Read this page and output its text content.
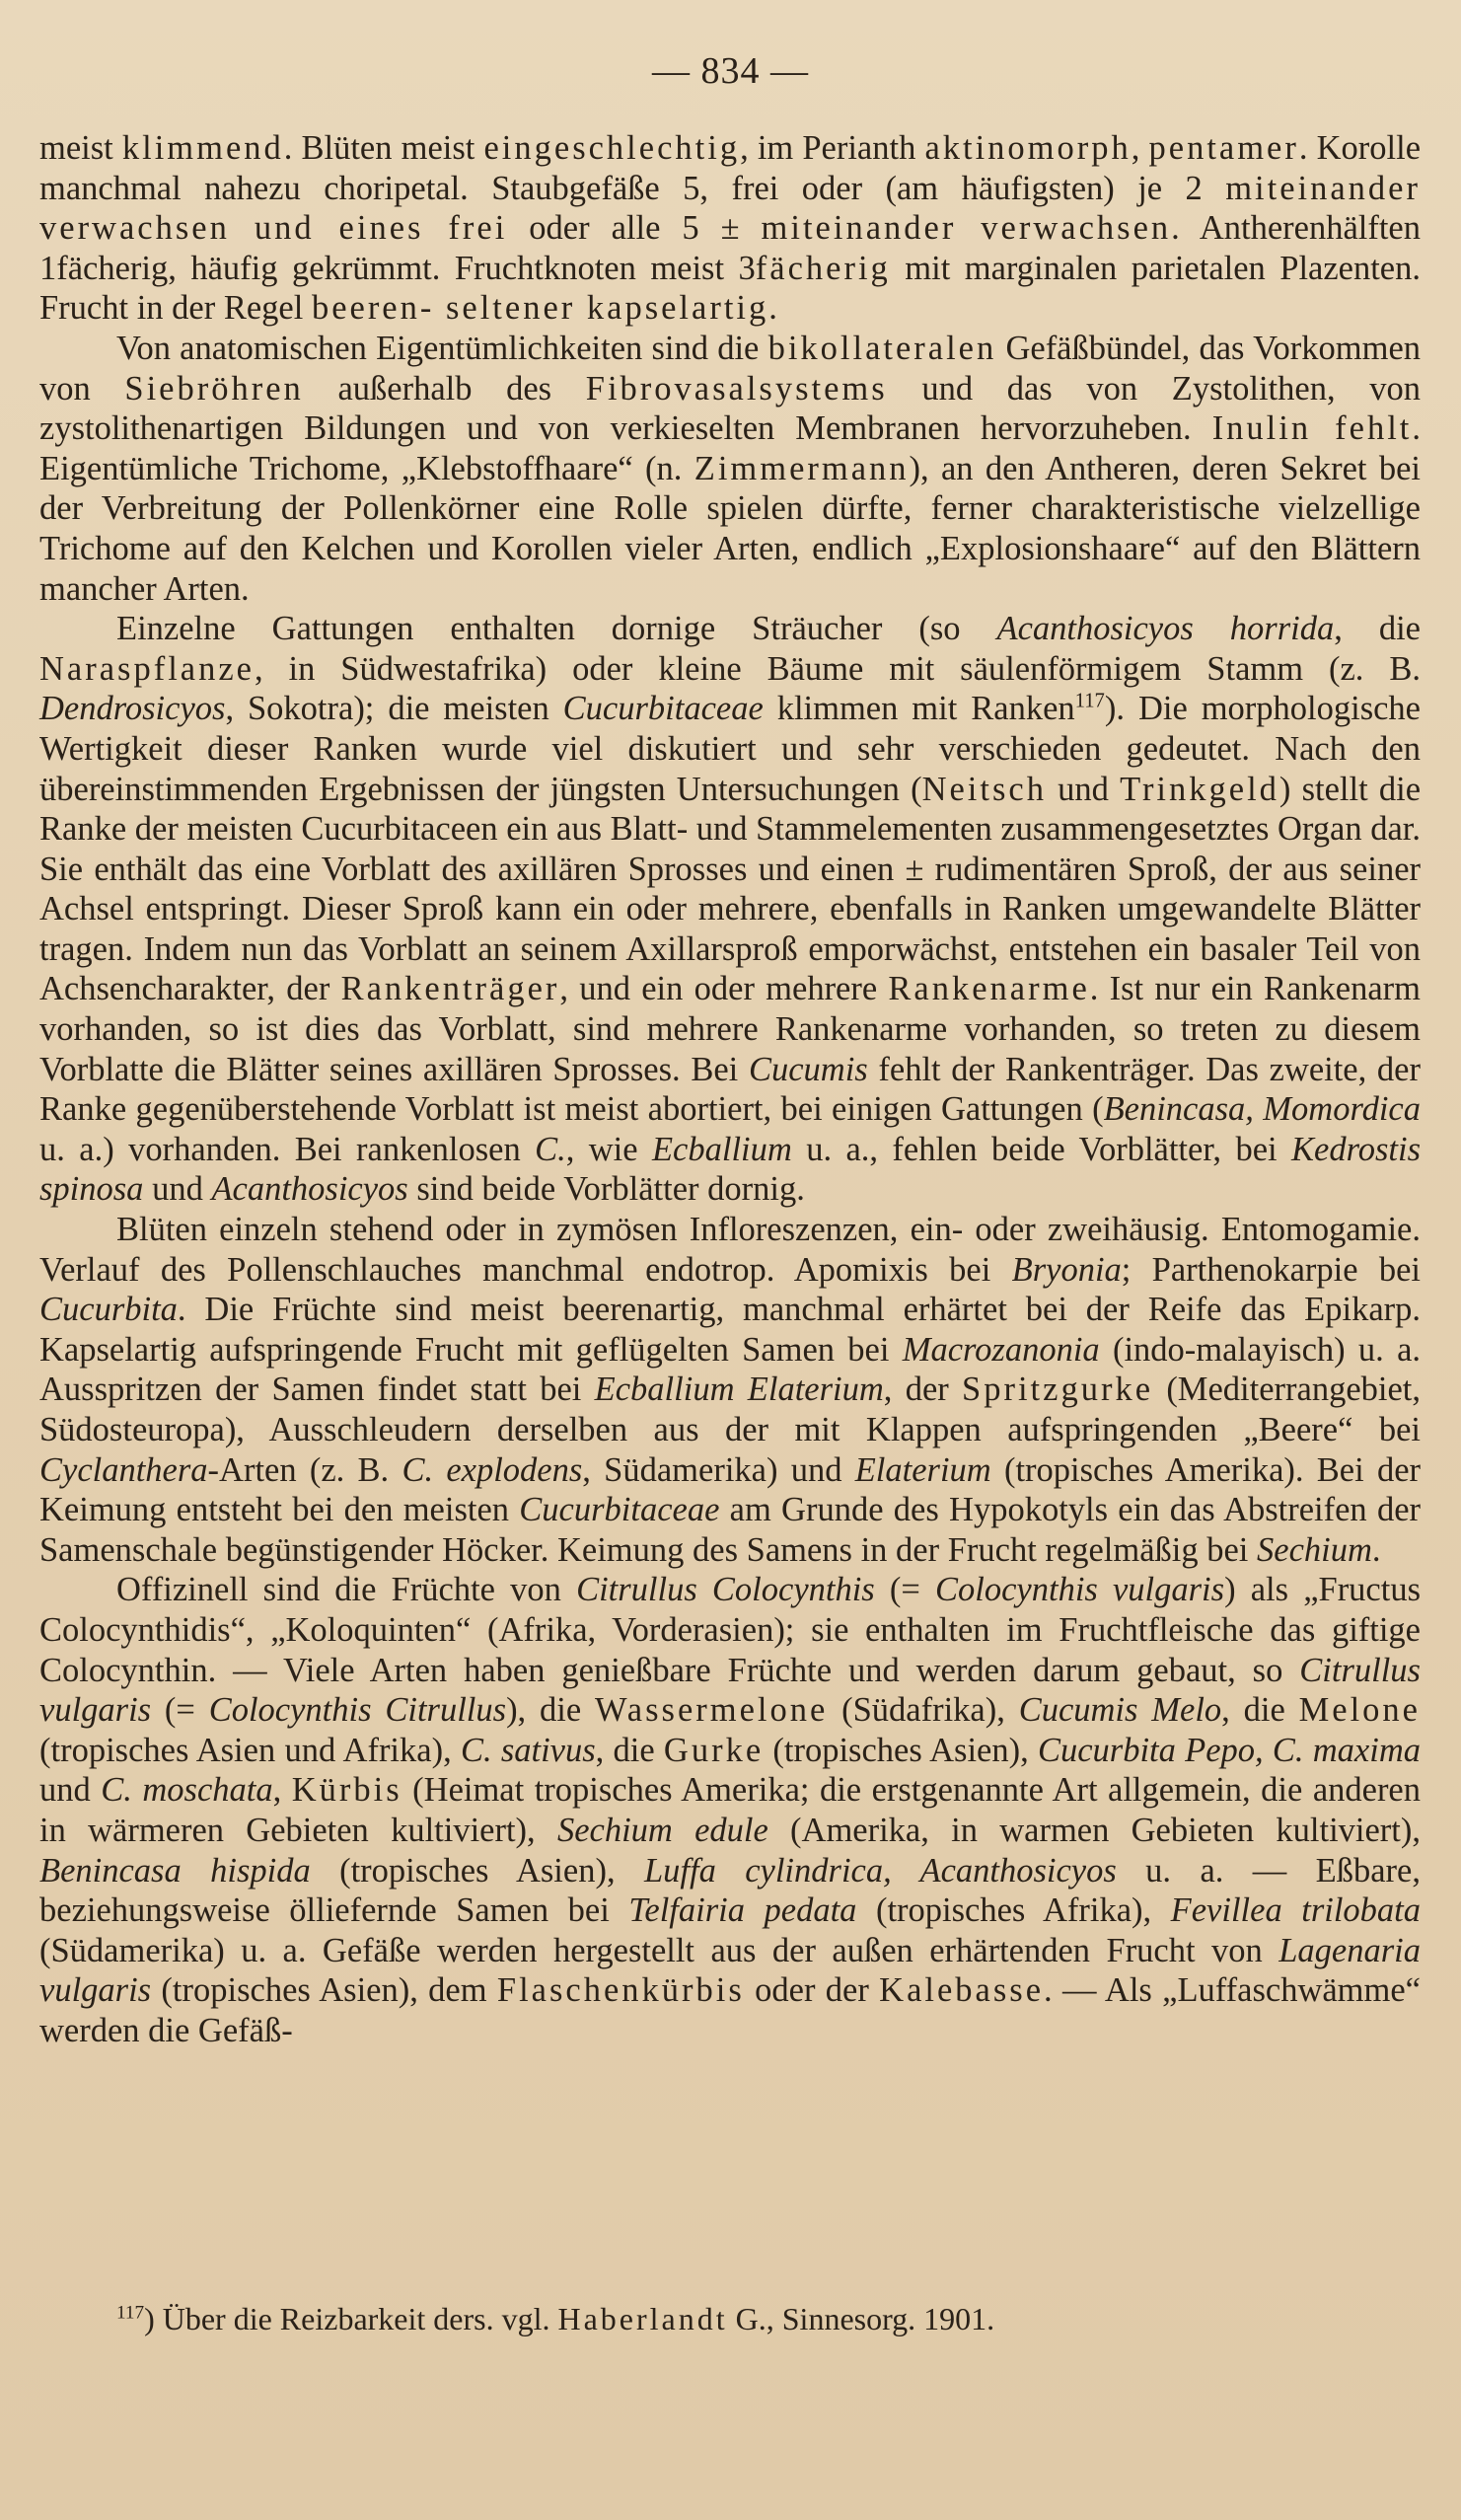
— 834 —

meist klimmend. Blüten meist eingeschlechtig, im Perianth aktinomorph, pentamer. Korolle manchmal nahezu choripetal. Staubgefäße 5, frei oder (am häufigsten) je 2 miteinander verwachsen und eines frei oder alle 5 ± miteinander verwachsen. Antherenhälften 1fächerig, häufig gekrümmt. Fruchtknoten meist 3fächerig mit marginalen parietalen Plazenten. Frucht in der Regel beeren- seltener kapselartig.

Von anatomischen Eigentümlichkeiten sind die bikollateralen Gefäßbündel, das Vorkommen von Siebröhren außerhalb des Fibrovasalsystems und das von Zystolithen, von zystolithenartigen Bildungen und von verkieselten Membranen hervorzuheben. Inulin fehlt. Eigentümliche Trichome, „Klebstoffhaare“ (n. Zimmermann), an den Antheren, deren Sekret bei der Verbreitung der Pollenkörner eine Rolle spielen dürfte, ferner charakteristische vielzellige Trichome auf den Kelchen und Korollen vieler Arten, endlich „Explosionshaare“ auf den Blättern mancher Arten.

Einzelne Gattungen enthalten dornige Sträucher (so Acanthosicyos horrida, die Naraspflanze, in Südwestafrika) oder kleine Bäume mit säulenförmigem Stamm (z. B. Dendrosicyos, Sokotra); die meisten Cucurbitaceae klimmen mit Ranken$^{117}$). Die morphologische Wertigkeit dieser Ranken wurde viel diskutiert und sehr verschieden gedeutet. Nach den übereinstimmenden Ergebnissen der jüngsten Untersuchungen (Neitsch und Trinkgeld) stellt die Ranke der meisten Cucurbitaceen ein aus Blatt- und Stammelementen zusammengesetztes Organ dar. Sie enthält das eine Vorblatt des axillären Sprosses und einen ± rudimentären Sproß, der aus seiner Achsel entspringt. Dieser Sproß kann ein oder mehrere, ebenfalls in Ranken umgewandelte Blätter tragen. Indem nun das Vorblatt an seinem Axillarsproß emporwächst, entstehen ein basaler Teil von Achsencharakter, der Rankenträger, und ein oder mehrere Rankenarme. Ist nur ein Rankenarm vorhanden, so ist dies das Vorblatt, sind mehrere Rankenarme vorhanden, so treten zu diesem Vorblatte die Blätter seines axillären Sprosses. Bei Cucumis fehlt der Rankenträger. Das zweite, der Ranke gegenüberstehende Vorblatt ist meist abortiert, bei einigen Gattungen (Benincasa, Momordica u. a.) vorhanden. Bei rankenlosen C., wie Ecballium u. a., fehlen beide Vorblätter, bei Kedrostis spinosa und Acanthosicyos sind beide Vorblätter dornig.

Blüten einzeln stehend oder in zymösen Infloreszenzen, ein- oder zweihäusig. Entomogamie. Verlauf des Pollenschlauches manchmal endotrop. Apomixis bei Bryonia; Parthenokarpie bei Cucurbita. Die Früchte sind meist beerenartig, manchmal erhärtet bei der Reife das Epikarp. Kapselartig aufspringende Frucht mit geflügelten Samen bei Macrozanonia (indo-malayisch) u. a. Ausspritzen der Samen findet statt bei Ecballium Elaterium, der Spritzgurke (Mediterrangebiet, Südosteuropa), Ausschleudern derselben aus der mit Klappen aufspringenden „Beere“ bei Cyclanthera-Arten (z. B. C. explodens, Südamerika) und Elaterium (tropisches Amerika). Bei der Keimung entsteht bei den meisten Cucurbitaceae am Grunde des Hypokotyls ein das Abstreifen der Samenschale begünstigender Höcker. Keimung des Samens in der Frucht regelmäßig bei Sechium.

Offizinell sind die Früchte von Citrullus Colocynthis (= Colocynthis vulgaris) als „Fructus Colocynthidis“, „Koloquinten“ (Afrika, Vorderasien); sie enthalten im Fruchtfleische das giftige Colocynthin. — Viele Arten haben genießbare Früchte und werden darum gebaut, so Citrullus vulgaris (= Colocynthis Citrullus), die Wassermelone (Südafrika), Cucumis Melo, die Melone (tropisches Asien und Afrika), C. sativus, die Gurke (tropisches Asien), Cucurbita Pepo, C. maxima und C. moschata, Kürbis (Heimat tropisches Amerika; die erstgenannte Art allgemein, die anderen in wärmeren Gebieten kultiviert), Sechium edule (Amerika, in warmen Gebieten kultiviert), Benincasa hispida (tropisches Asien), Luffa cylindrica, Acanthosicyos u. a. — Eßbare, beziehungsweise ölliefernde Samen bei Telfairia pedata (tropisches Afrika), Fevillea trilobata (Südamerika) u. a. Gefäße werden hergestellt aus der außen erhärtenden Frucht von Lagenaria vulgaris (tropisches Asien), dem Flaschenkürbis oder der Kalebasse. — Als „Luffaschwämme“ werden die Gefäß-

$^{117}$) Über die Reizbarkeit ders. vgl. Haberlandt G., Sinnesorg. 1901.
